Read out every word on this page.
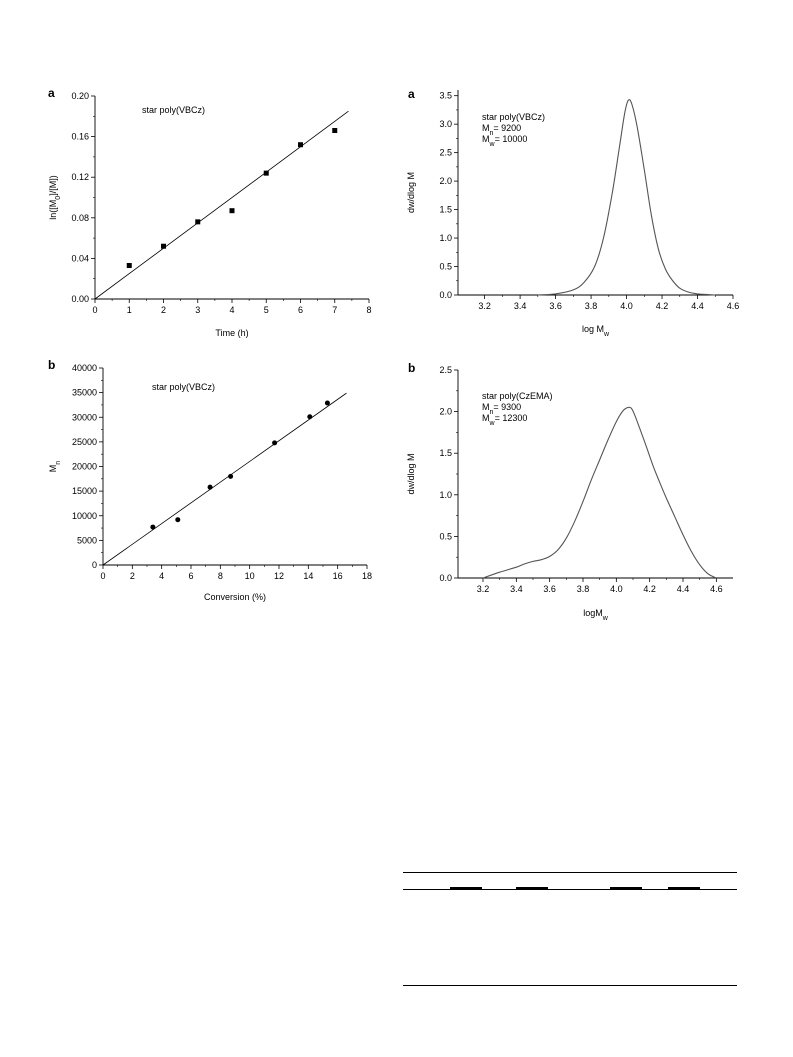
a
0	1	2	3	4	5	6	7	8
0.00
0.04
0.08
0.12
0.16
0.20
Time (h)
$\ln([M_0]/[M])$
star poly(VBCz)
b
0	2	4	6	8 10 12 14 16 18
0
5000
10000
15000
20000
25000
30000
35000
40000
Conversion (%)
$M_n$
star poly(VBCz)
a
3.2	3.4	3.6	3.8	4.0	4.2	4.4	4.6
0.0
0.5
1.0
1.5
2.0
2.5
3.0
3.5
$\log M_w$
dw/dlog M
star poly(VBCz)
$M_n= 9200$
$M_w= 10000$
b
3.2 3.4 3.6 3.8 4.0 4.2 4.4 4.6
0.0
0.5
1.0
1.5
2.0
2.5
logM$_w$
dw/dlog M
star poly(CzEMA)
$M_n= 9300$
$M_w= 12300$
